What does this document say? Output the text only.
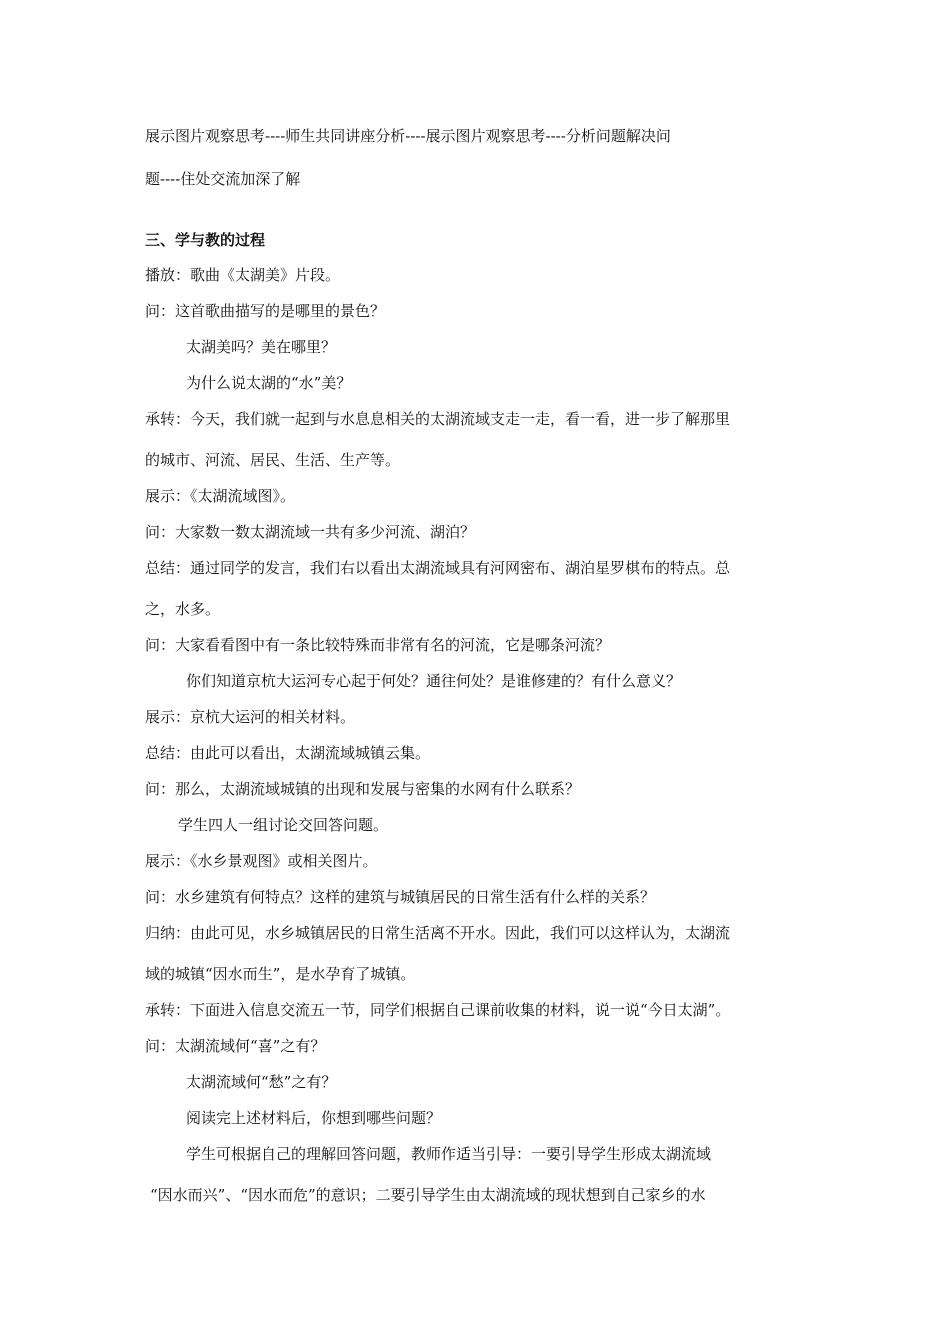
展示图片观察思考----师生共同讲座分析----展示图片观察思考----分析问题解决问
题----住处交流加深了解
三、学与教的过程
播放：歌曲《太湖美》片段。
问：这首歌曲描写的是哪里的景色？
太湖美吗？美在哪里？
为什么说太湖的“水”美？
承转：今天，我们就一起到与水息息相关的太湖流域支走一走，看一看，进一步了解那里
的城市、河流、居民、生活、生产等。
展示：《太湖流域图》。
问：大家数一数太湖流域一共有多少河流、湖泊？
总结：通过同学的发言，我们右以看出太湖流域具有河网密布、湖泊星罗棋布的特点。总
之，水多。
问：大家看看图中有一条比较特殊而非常有名的河流，它是哪条河流？
你们知道京杭大运河专心起于何处？通往何处？是谁修建的？有什么意义？
展示：京杭大运河的相关材料。
总结：由此可以看出，太湖流域城镇云集。
问：那么，太湖流域城镇的出现和发展与密集的水网有什么联系？
学生四人一组讨论交回答问题。
展示：《水乡景观图》或相关图片。
问：水乡建筑有何特点？这样的建筑与城镇居民的日常生活有什么样的关系？
归纳：由此可见，水乡城镇居民的日常生活离不开水。因此，我们可以这样认为，太湖流
域的城镇“因水而生”，是水孕育了城镇。
承转：下面进入信息交流五一节，同学们根据自己课前收集的材料，说一说“今日太湖”。
问：太湖流域何“喜”之有？
太湖流域何“愁”之有？
阅读完上述材料后，你想到哪些问题？
学生可根据自己的理解回答问题，教师作适当引导：一要引导学生形成太湖流域
“因水而兴”、“因水而危”的意识；二要引导学生由太湖流域的现状想到自己家乡的水
